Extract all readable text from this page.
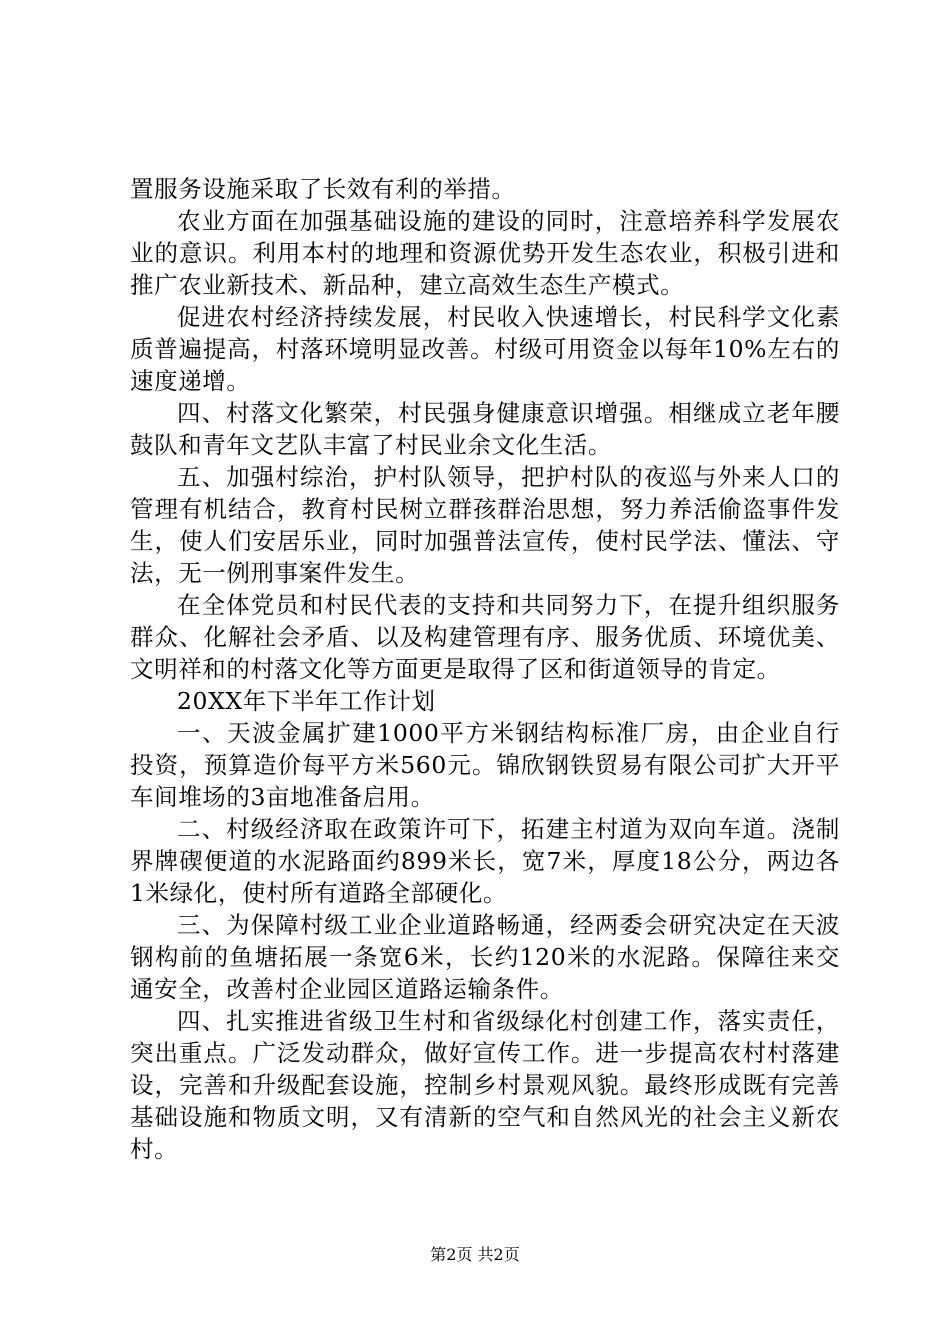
置服务设施采取了长效有利的举措。

农业方面在加强基础设施的建设的同时，注意培养科学发展农业的意识。利用本村的地理和资源优势开发生态农业，积极引进和推广农业新技术、新品种，建立高效生态生产模式。

促进农村经济持续发展，村民收入快速增长，村民科学文化素质普遍提高，村落环境明显改善。村级可用资金以每年10%左右的速度递增。

四、村落文化繁荣，村民强身健康意识增强。相继成立老年腰鼓队和青年文艺队丰富了村民业余文化生活。

五、加强村综治，护村队领导，把护村队的夜巡与外来人口的管理有机结合，教育村民树立群孩群治思想，努力养活偷盗事件发生，使人们安居乐业，同时加强普法宣传，使村民学法、懂法、守法，无一例刑事案件发生。

在全体党员和村民代表的支持和共同努力下，在提升组织服务群众、化解社会矛盾、以及构建管理有序、服务优质、环境优美、文明祥和的村落文化等方面更是取得了区和街道领导的肯定。

20XX年下半年工作计划

一、天波金属扩建1000平方米钢结构标准厂房，由企业自行投资，预算造价每平方米560元。锦欣钢铁贸易有限公司扩大开平车间堆场的3亩地准备启用。

二、村级经济取在政策许可下，拓建主村道为双向车道。浇制界牌碶便道的水泥路面约899米长，宽7米，厚度18公分，两边各1米绿化，使村所有道路全部硬化。

三、为保障村级工业企业道路畅通，经两委会研究决定在天波钢构前的鱼塘拓展一条宽6米，长约120米的水泥路。保障往来交通安全，改善村企业园区道路运输条件。

四、扎实推进省级卫生村和省级绿化村创建工作，落实责任，突出重点。广泛发动群众，做好宣传工作。进一步提高农村村落建设，完善和升级配套设施，控制乡村景观风貌。最终形成既有完善基础设施和物质文明，又有清新的空气和自然风光的社会主义新农村。

第2页 共2页
